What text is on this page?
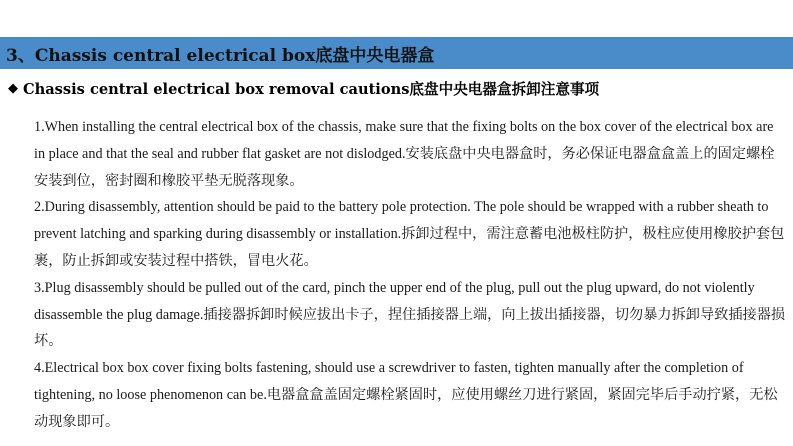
3、Chassis central electrical box底盘中央电器盒
◆ Chassis central electrical box removal cautions底盘中央电器盒拆卸注意事项

1.When installing the central electrical box of the chassis, make sure that the fixing bolts on the box cover of the electrical box are in place and that the seal and rubber flat gasket are not dislodged.安装底盘中央电器盒时，务必保证电器盒盒盖上的固定螺栓安装到位，密封圈和橡胶平垫无脱落现象。

2.During disassembly, attention should be paid to the battery pole protection. The pole should be wrapped with a rubber sheath to prevent latching and sparking during disassembly or installation.拆卸过程中，需注意蓄电池极柱防护，极柱应使用橡胶护套包裹，防止拆卸或安装过程中搭铁，冒电火花。

3.Plug disassembly should be pulled out of the card, pinch the upper end of the plug, pull out the plug upward, do not violently disassemble the plug damage.插接器拆卸时候应拔出卡子，捏住插接器上端，向上拔出插接器，切勿暴力拆卸导致插接器损坏。

4.Electrical box box cover fixing bolts fastening, should use a screwdriver to fasten, tighten manually after the completion of tightening, no loose phenomenon can be.电器盒盒盖固定螺栓紧固时，应使用螺丝刀进行紧固，紧固完毕后手动拧紧，无松动现象即可。
